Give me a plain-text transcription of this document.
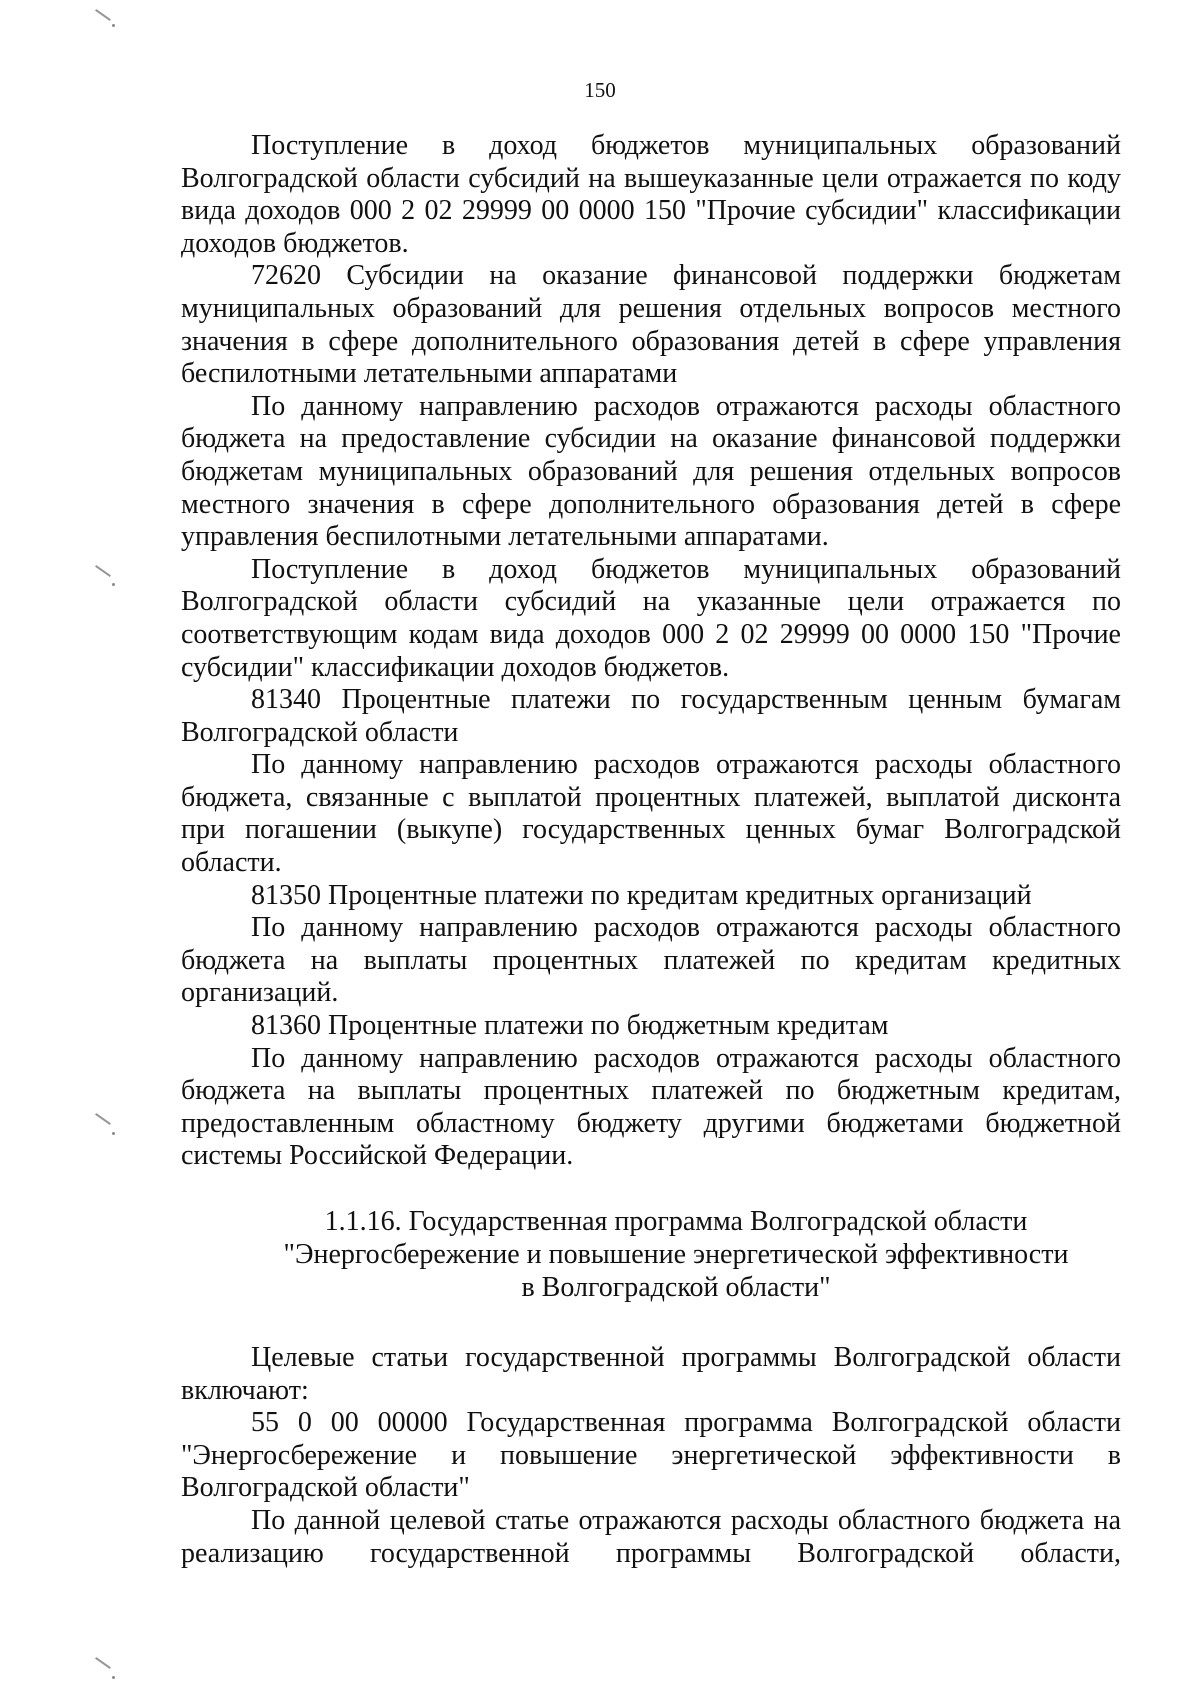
150

Поступление в доход бюджетов муниципальных образований Волгоградской области субсидий на вышеуказанные цели отражается по коду вида доходов 000 2 02 29999 00 0000 150 "Прочие субсидии" классификации доходов бюджетов.

72620 Субсидии на оказание финансовой поддержки бюджетам муниципальных образований для решения отдельных вопросов местного значения в сфере дополнительного образования детей в сфере управления беспилотными летательными аппаратами

По данному направлению расходов отражаются расходы областного бюджета на предоставление субсидии на оказание финансовой поддержки бюджетам муниципальных образований для решения отдельных вопросов местного значения в сфере дополнительного образования детей в сфере управления беспилотными летательными аппаратами.

Поступление в доход бюджетов муниципальных образований Волгоградской области субсидий на указанные цели отражается по соответствующим кодам вида доходов 000 2 02 29999 00 0000 150 "Прочие субсидии" классификации доходов бюджетов.

81340 Процентные платежи по государственным ценным бумагам Волгоградской области

По данному направлению расходов отражаются расходы областного бюджета, связанные с выплатой процентных платежей, выплатой дисконта при погашении (выкупе) государственных ценных бумаг Волгоградской области.

81350 Процентные платежи по кредитам кредитных организаций

По данному направлению расходов отражаются расходы областного бюджета на выплаты процентных платежей по кредитам кредитных организаций.

81360 Процентные платежи по бюджетным кредитам

По данному направлению расходов отражаются расходы областного бюджета на выплаты процентных платежей по бюджетным кредитам, предоставленным областному бюджету другими бюджетами бюджетной системы Российской Федерации.

1.1.16. Государственная программа Волгоградской области
"Энергосбережение и повышение энергетической эффективности
в Волгоградской области"

Целевые статьи государственной программы Волгоградской области включают:

55 0 00 00000 Государственная программа Волгоградской области "Энергосбережение и повышение энергетической эффективности в Волгоградской области"

По данной целевой статье отражаются расходы областного бюджета на реализацию государственной программы Волгоградской области,
